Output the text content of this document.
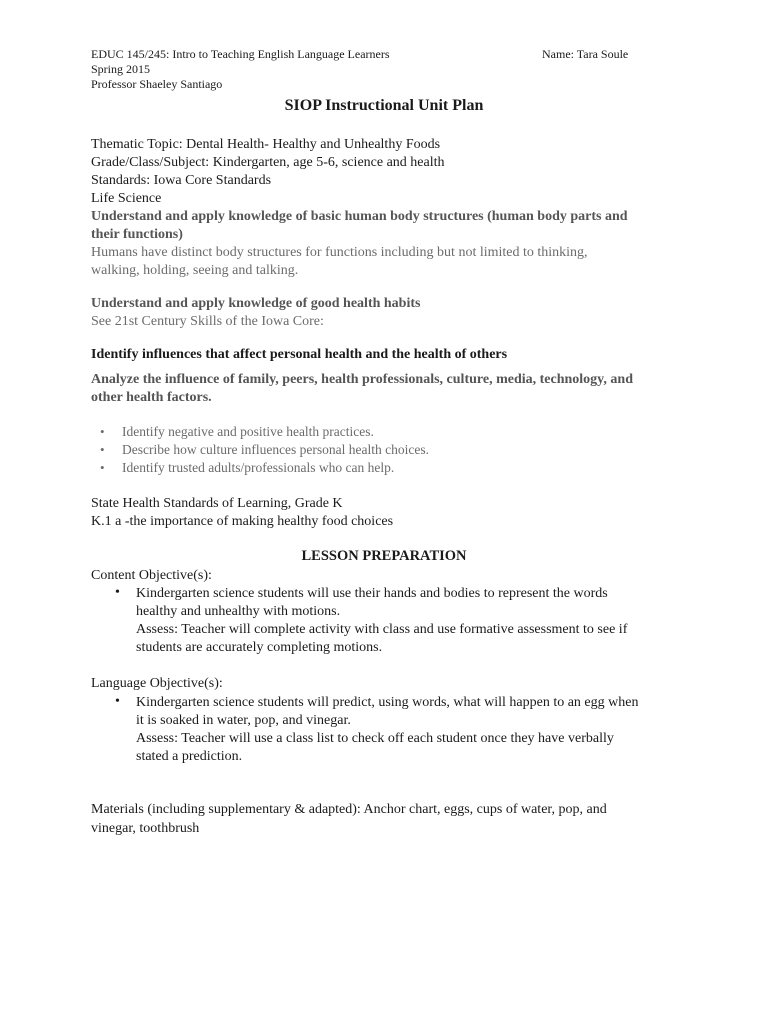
EDUC 145/245: Intro to Teaching English Language Learners	Name: Tara Soule
Spring 2015
Professor Shaeley Santiago
SIOP Instructional Unit Plan
Thematic Topic: Dental Health- Healthy and Unhealthy Foods
Grade/Class/Subject: Kindergarten, age 5-6, science and health
Standards: Iowa Core Standards
Life Science
Understand and apply knowledge of basic human body structures (human body parts and
their functions)
Humans have distinct body structures for functions including but not limited to thinking,
walking, holding, seeing and talking.
Understand and apply knowledge of good health habits
See 21st Century Skills of the Iowa Core:
Identify influences that affect personal health and the health of others
Analyze the influence of family, peers, health professionals, culture, media, technology, and
other health factors.
• Identify negative and positive health practices.
• Describe how culture influences personal health choices.
• Identify trusted adults/professionals who can help.
State Health Standards of Learning, Grade K
K.1 a -the importance of making healthy food choices
LESSON PREPARATION
Content Objective(s):
• Kindergarten science students will use their hands and bodies to represent the words
healthy and unhealthy with motions.
Assess: Teacher will complete activity with class and use formative assessment to see if
students are accurately completing motions.
Language Objective(s):
• Kindergarten science students will predict, using words, what will happen to an egg when
it is soaked in water, pop, and vinegar.
Assess: Teacher will use a class list to check off each student once they have verbally
stated a prediction.
Materials (including supplementary & adapted): Anchor chart, eggs, cups of water, pop, and
vinegar, toothbrush
